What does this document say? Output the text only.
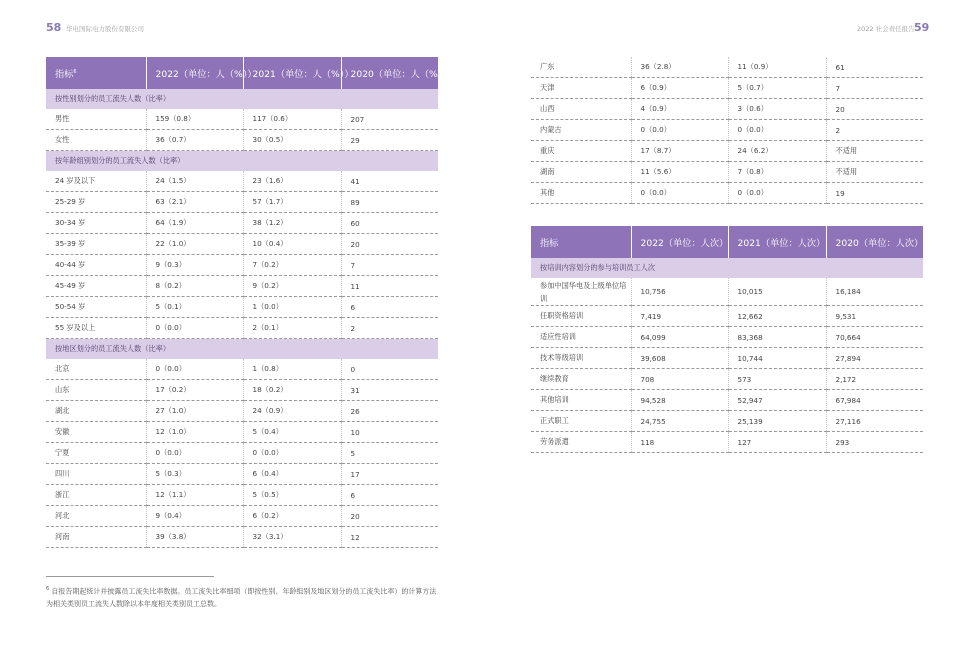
58 华电国际电力股份有限公司	2022 社会责任报告 59
指标$^6$	2022（单位：人（%））	2021（单位：人（%））	2020（单位：人（%））
按性别划分的员工流失人数（比率）			
男性	159（0.8）	117（0.6）	207
女性	36（0.7）	30（0.5）	29
按年龄组别划分的员工流失人数（比率）			
24 岁及以下	24（1.5）	23（1.6）	41
25-29 岁	63（2.1）	57（1.7）	89
30-34 岁	64（1.9）	38（1.2）	60
35-39 岁	22（1.0）	10（0.4）	20
40-44 岁	9（0.3）	7（0.2）	7
45-49 岁	8（0.2）	9（0.2）	11
50-54 岁	5（0.1）	1（0.0）	6
55 岁及以上	0（0.0）	2（0.1）	2
按地区划分的员工流失人数（比率）			
北京	0（0.0）	1（0.8）	0
山东	17（0.2）	18（0.2）	31
湖北	27（1.0）	24（0.9）	26
安徽	12（1.0）	5（0.4）	10
宁夏	0（0.0）	0（0.0）	5
四川	5（0.3）	6（0.4）	17
浙江	12（1.1）	5（0.5）	6
河北	9（0.4）	6（0.2）	20
河南	39（3.8）	32（3.1）	12
广东	36（2.8）	11（0.9）	61
天津	6（0.9）	5（0.7）	7
山西	4（0.9）	3（0.6）	20
内蒙古	0（0.0）	0（0.0）	2
重庆	17（8.7）	24（6.2）	不适用
湖南	11（5.6）	7（0.8）	不适用
其他	0（0.0）	0（0.0）	19
指标	2022（单位：人次）	2021（单位：人次）	2020（单位：人次）
按培训内容划分的参与培训员工人次			
参加中国华电及上级单位培训	10,756	10,015	16,184
任职资格培训	7,419	12,662	9,531
适应性培训	64,099	83,368	70,664
技术等级培训	39,608	10,744	27,894
继续教育	708	573	2,172
其他培训	94,528	52,947	67,984
正式职工	24,755	25,139	27,116
劳务派遣	118	127	293
$^6$ 自报告期起统计并披露员工流失比率数据。员工流失比率细项（即按性别、年龄组别及地区划分的员工流失比率）的计算方法为相关类别员工流失人数除以本年度相关类别员工总数。
